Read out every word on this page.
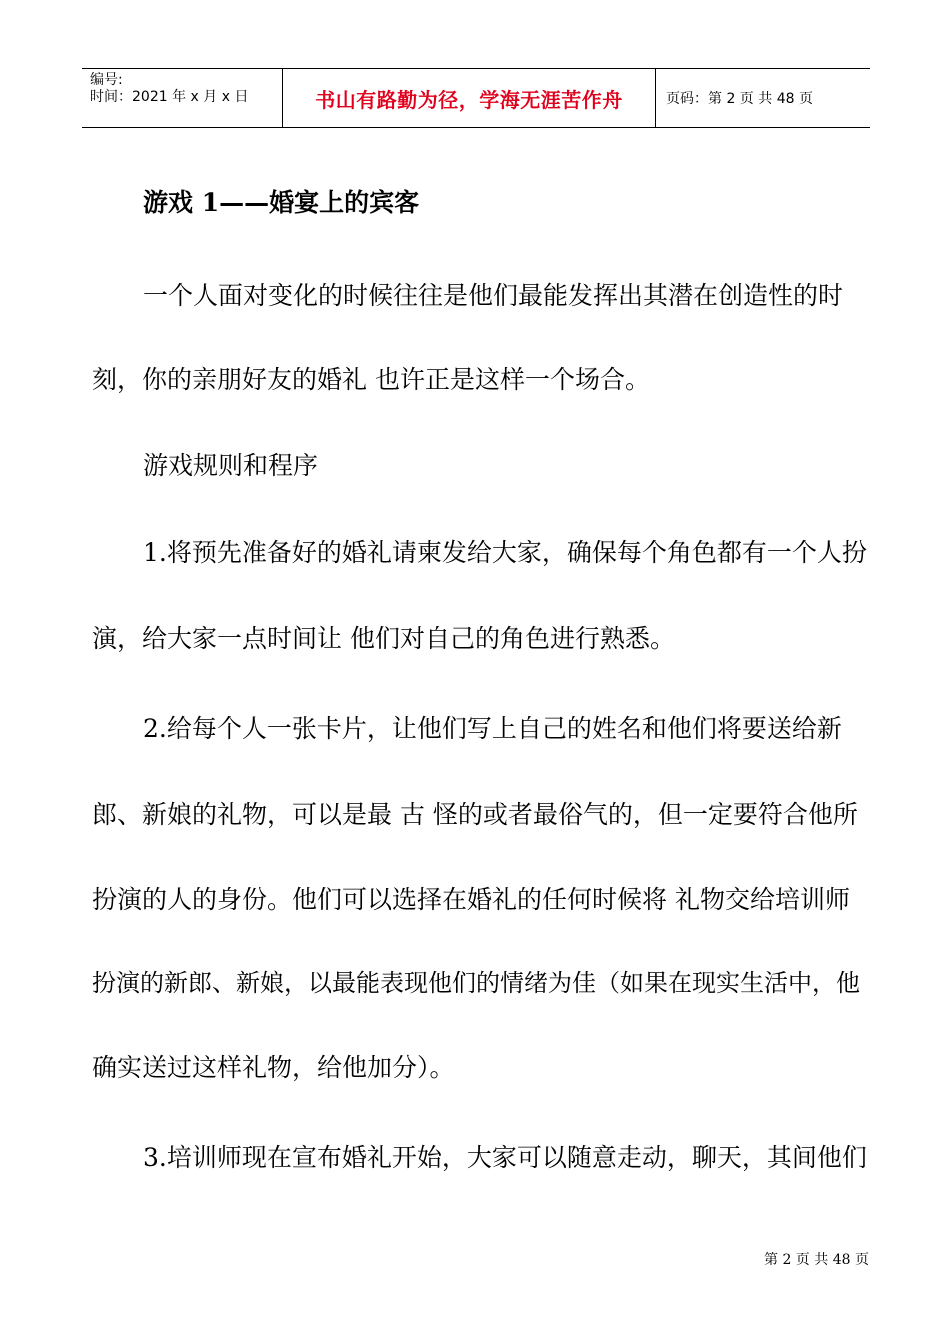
编号:
时间：2021 年 x 月 x 日	书山有路勤为径，学海无涯苦作舟	页码：第 2 页 共 48 页
游戏 1——婚宴上的宾客
一个人面对变化的时候往往是他们最能发挥出其潜在创造性的时
刻，你的亲朋好友的婚礼 也许正是这样一个场合。
游戏规则和程序
1.将预先准备好的婚礼请柬发给大家，确保每个角色都有一个人扮
演，给大家一点时间让 他们对自己的角色进行熟悉。
2.给每个人一张卡片，让他们写上自己的姓名和他们将要送给新
郎、新娘的礼物，可以是最 古 怪的或者最俗气的，但一定要符合他所
扮演的人的身份。他们可以选择在婚礼的任何时候将 礼物交给培训师
扮演的新郎、新娘，以最能表现他们的情绪为佳（如果在现实生活中，他
确实送过这样礼物，给他加分）。
3.培训师现在宣布婚礼开始，大家可以随意走动，聊天，其间他们
第 2 页 共 48 页
